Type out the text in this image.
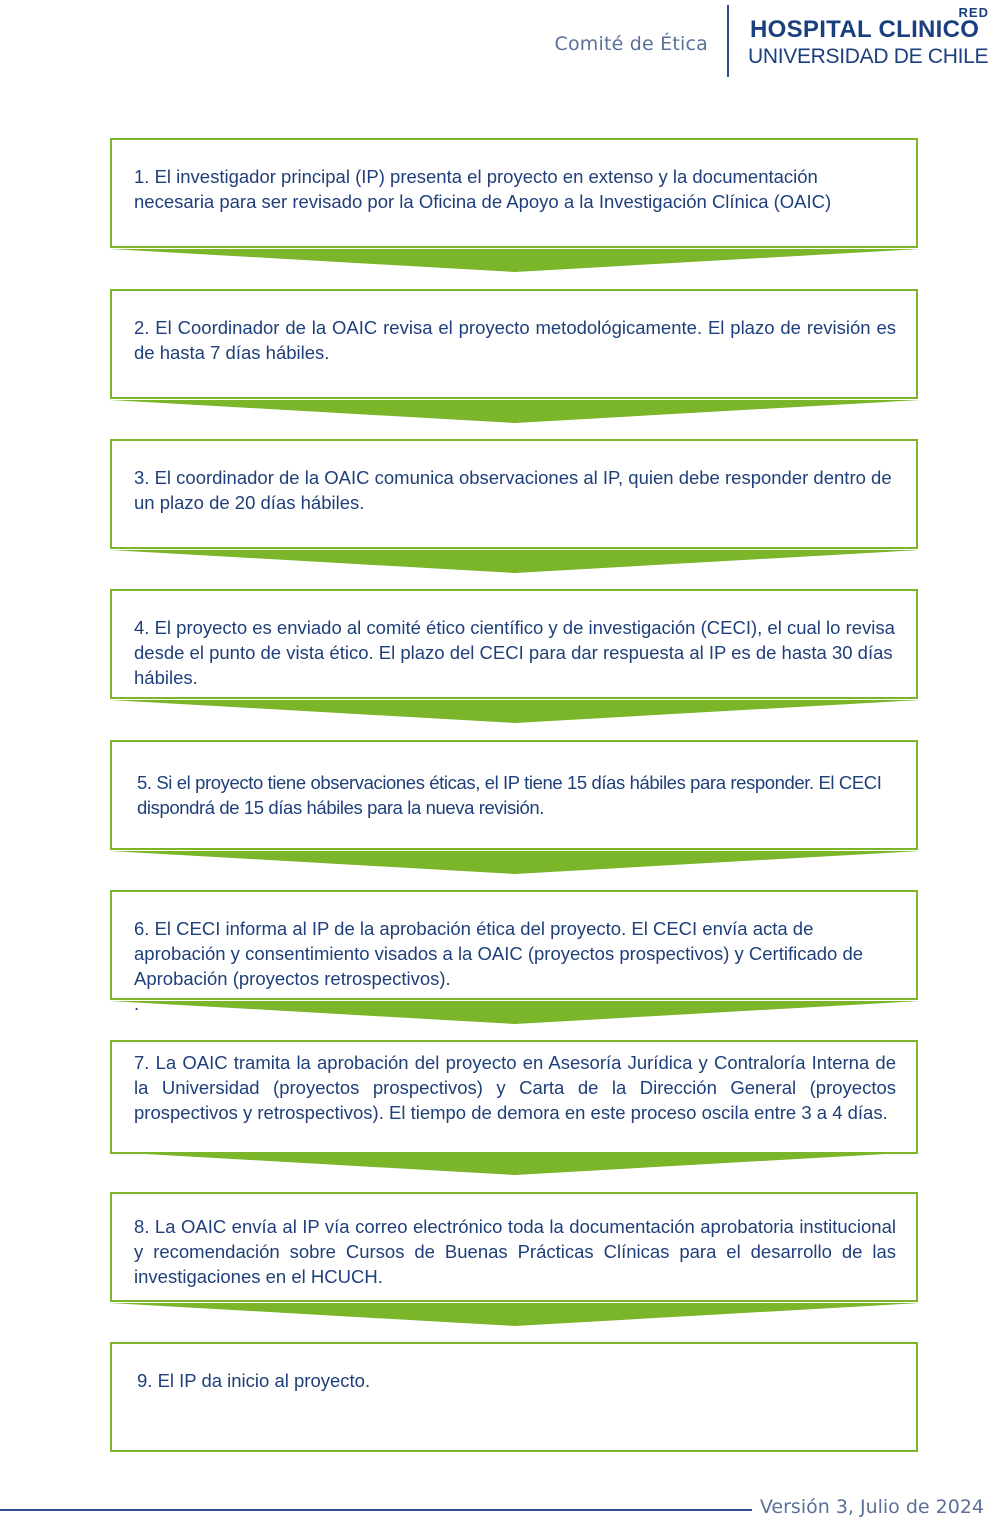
Comité de Ética
RED
HOSPITAL CLINICO
UNIVERSIDAD DE CHILE

1. El investigador principal (IP) presenta el proyecto en extenso y la documentación necesaria para ser revisado por la Oficina de Apoyo a la Investigación Clínica (OAIC)

2. El Coordinador de la OAIC revisa el proyecto metodológicamente. El plazo de revisión es de hasta 7 días hábiles.

3. El coordinador de la OAIC comunica observaciones al IP, quien debe responder dentro de un plazo de 20 días hábiles.

4. El proyecto es enviado al comité ético científico y de investigación (CECI), el cual lo revisa desde el punto de vista ético. El plazo del CECI para dar respuesta al IP es de hasta 30 días hábiles.

5. Si el proyecto tiene observaciones éticas, el IP tiene 15 días hábiles para responder. El CECI dispondrá de 15 días hábiles para la nueva revisión.

6. El CECI informa al IP de la aprobación ética del proyecto. El CECI envía acta de aprobación y consentimiento visados a la OAIC (proyectos prospectivos) y Certificado de Aprobación (proyectos retrospectivos).
.

7. La OAIC tramita la aprobación del proyecto en Asesoría Jurídica y Contraloría Interna de la Universidad (proyectos prospectivos) y Carta de la Dirección General (proyectos prospectivos y retrospectivos). El tiempo de demora en este proceso oscila entre 3 a 4 días.

8. La OAIC envía al IP vía correo electrónico toda la documentación aprobatoria institucional y recomendación sobre Cursos de Buenas Prácticas Clínicas para el desarrollo de las investigaciones en el HCUCH.

9. El IP da inicio al proyecto.

Versión 3, Julio de 2024
